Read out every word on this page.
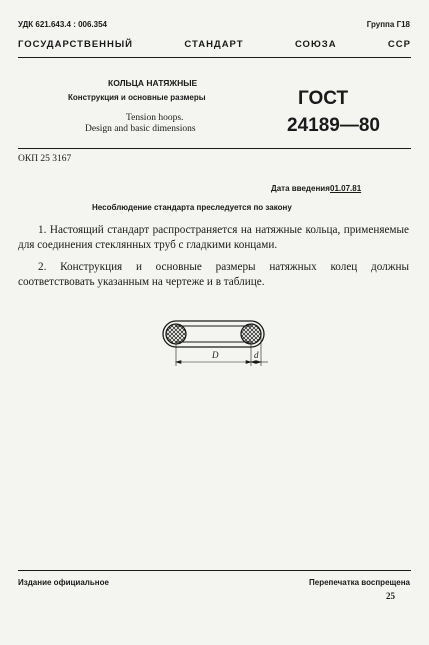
УДК 621.643.4 : 006.354	Группа Г18
ГОСУДАРСТВЕННЫЙ	СТАНДАРТ	СОЮЗА	ССР
КОЛЬЦА НАТЯЖНЫЕ
Конструкция и основные размеры
Tension hoops.
Design and basic dimensions
ГОСТ
24189—80
ОКП 25 3167
Дата введения 01.07.81
Несоблюдение стандарта преследуется по закону
1. Настоящий стандарт распространяется на натяжные кольца, применяемые для соединения стеклянных труб с гладкими концами.
2. Конструкция и основные размеры натяжных колец должны соответствовать указанным на чертеже и в таблице.
D	d
Издание официальное	Перепечатка воспрещена
25
